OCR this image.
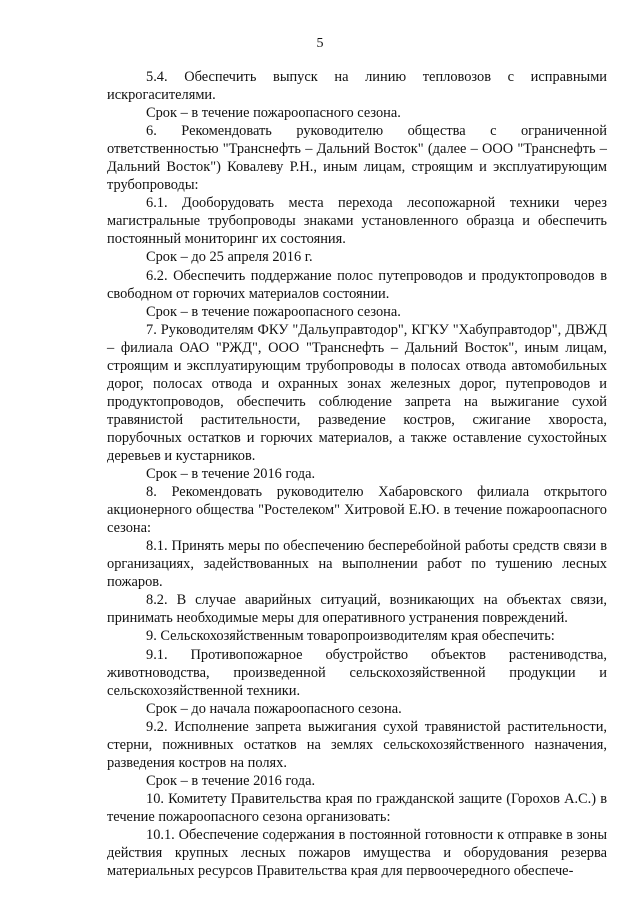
5

5.4. Обеспечить выпуск на линию тепловозов с исправными искрогасителями.

Срок – в течение пожароопасного сезона.

6. Рекомендовать руководителю общества с ограниченной ответственностью "Транснефть – Дальний Восток" (далее – ООО "Транснефть – Дальний Восток") Ковалеву Р.Н., иным лицам, строящим и эксплуатирующим трубопроводы:

6.1. Дооборудовать места перехода лесопожарной техники через магистральные трубопроводы знаками установленного образца и обеспечить постоянный мониторинг их состояния.

Срок – до 25 апреля 2016 г.

6.2. Обеспечить поддержание полос путепроводов и продуктопроводов в свободном от горючих материалов состоянии.

Срок – в течение пожароопасного сезона.

7. Руководителям ФКУ "Дальуправтодор", КГКУ "Хабуправтодор", ДВЖД – филиала ОАО "РЖД", ООО "Транснефть – Дальний Восток", иным лицам, строящим и эксплуатирующим трубопроводы в полосах отвода автомобильных дорог, полосах отвода и охранных зонах железных дорог, путепроводов и продуктопроводов, обеспечить соблюдение запрета на выжигание сухой травянистой растительности, разведение костров, сжигание хвороста, порубочных остатков и горючих материалов, а также оставление сухостойных деревьев и кустарников.

Срок – в течение 2016 года.

8. Рекомендовать руководителю Хабаровского филиала открытого акционерного общества "Ростелеком" Хитровой Е.Ю. в течение пожароопасного сезона:

8.1. Принять меры по обеспечению бесперебойной работы средств связи в организациях, задействованных на выполнении работ по тушению лесных пожаров.

8.2. В случае аварийных ситуаций, возникающих на объектах связи, принимать необходимые меры для оперативного устранения повреждений.

9. Сельскохозяйственным товаропроизводителям края обеспечить:

9.1. Противопожарное обустройство объектов растениводства, животноводства, произведенной сельскохозяйственной продукции и сельскохозяйственной техники.

Срок – до начала пожароопасного сезона.

9.2. Исполнение запрета выжигания сухой травянистой растительности, стерни, пожнивных остатков на землях сельскохозяйственного назначения, разведения костров на полях.

Срок – в течение 2016 года.

10. Комитету Правительства края по гражданской защите (Горохов А.С.) в течение пожароопасного сезона организовать:

10.1. Обеспечение содержания в постоянной готовности к отправке в зоны действия крупных лесных пожаров имущества и оборудования резерва материальных ресурсов Правительства края для первоочередного обеспече-
